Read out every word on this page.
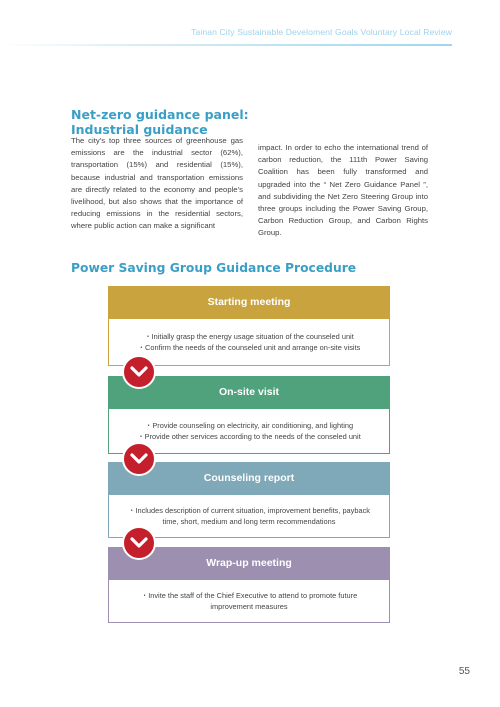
Tainan City Sustainable Develoment Goals Voluntary Local Review
Net-zero guidance panel:
Industrial guidance

The city’s top three sources of greenhouse gas emissions are the industrial sector (62%), transportation (15%) and residential (15%), because industrial and transportation emissions are directly related to the economy and people’s livelihood, but also shows that the importance of reducing emissions in the residential sectors, where public action can make a significant

impact. In order to echo the international trend of carbon reduction, the 111th Power Saving Coalition has been fully transformed and upgraded into the “ Net Zero Guidance Panel ”, and subdividing the Net Zero Steering Group into three groups including the Power Saving Group, Carbon Reduction Group, and Carbon Rights Group.

Power Saving Group Guidance Procedure
Starting meeting
・Initially grasp the energy usage situation of the counseled unit
・Confirm the needs of the counseled unit and arrange on-site visits
On-site visit
・Provide counseling on electricity, air conditioning, and lighting
・Provide other services according to the needs of the conseled unit
Counseling report
・Includes description of current situation, improvement benefits, payback
time, short, medium and long term recommendations
Wrap-up meeting
・Invite the staff of the Chief Executive to attend to promote future
improvement measures
55
